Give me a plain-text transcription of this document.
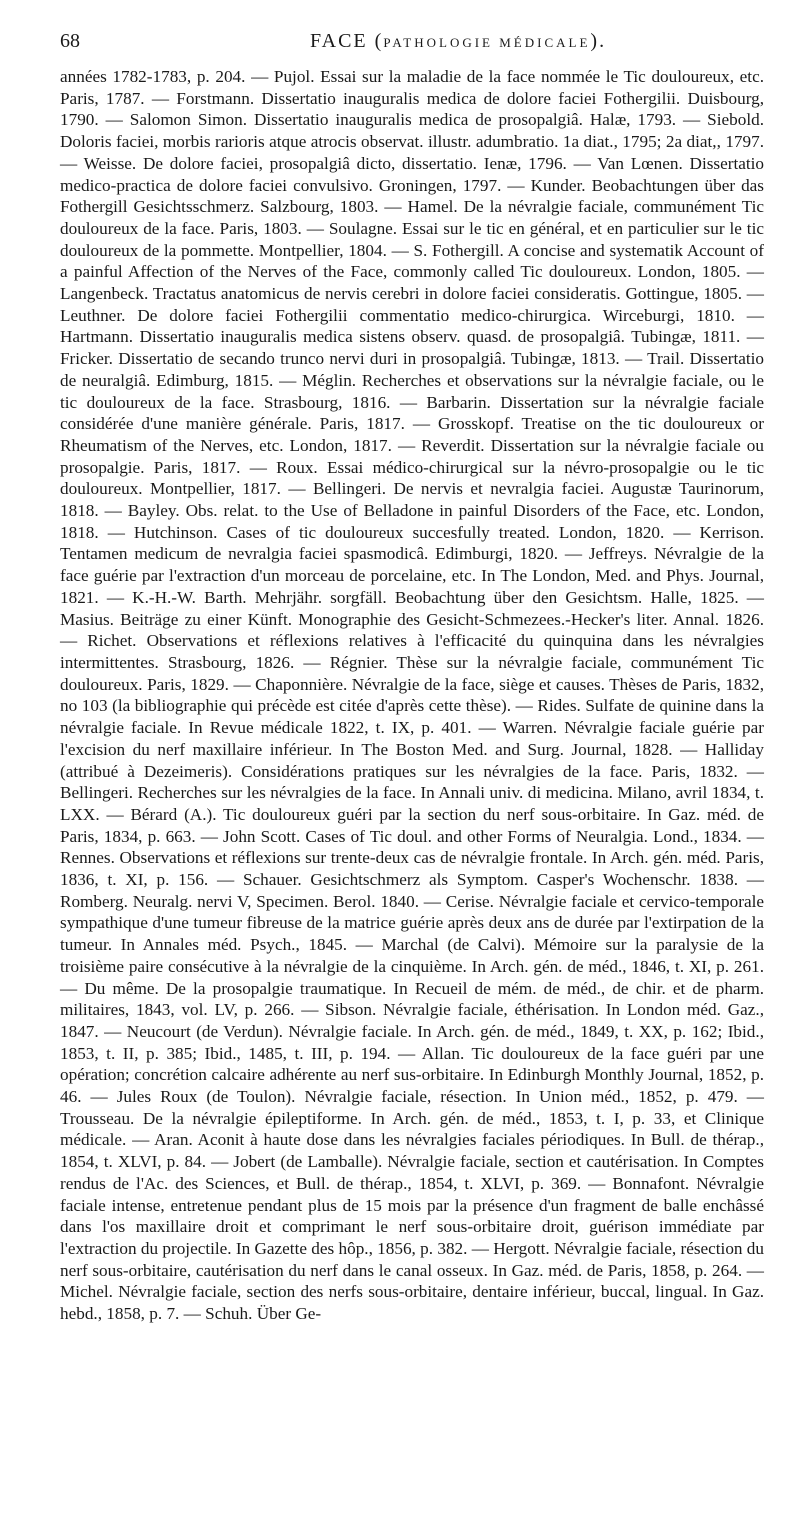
68	FACE (PATHOLOGIE MÉDICALE).

années 1782-1783, p. 204. — Pujol. Essai sur la maladie de la face nommée le Tic douloureux, etc. Paris, 1787. — Forstmann. Dissertatio inauguralis medica de dolore faciei Fothergilii. Duisbourg, 1790. — Salomon Simon. Dissertatio inauguralis medica de prosopalgiâ. Halæ, 1793. — Siebold. Doloris faciei, morbis rarioris atque atrocis observat. illustr. adumbratio. 1a diat., 1795; 2a diat,, 1797. — Weisse. De dolore faciei, prosopalgiâ dicto, dissertatio. Ienæ, 1796. — Van Lœnen. Dissertatio medico-practica de dolore faciei convulsivo. Groningen, 1797. — Kunder. Beobachtungen über das Fothergill Gesichtsschmerz. Salzbourg, 1803. — Hamel. De la névralgie faciale, communément Tic douloureux de la face. Paris, 1803. — Soulagne. Essai sur le tic en général, et en particulier sur le tic douloureux de la pommette. Montpellier, 1804. — S. Fothergill. A concise and systematik Account of a painful Affection of the Nerves of the Face, commonly called Tic douloureux. London, 1805. — Langenbeck. Tractatus anatomicus de nervis cerebri in dolore faciei consideratis. Gottingue, 1805. — Leuthner. De dolore faciei Fothergilii commentatio medico-chirurgica. Wirceburgi, 1810. — Hartmann. Dissertatio inauguralis medica sistens observ. quasd. de prosopalgiâ. Tubingæ, 1811. — Fricker. Dissertatio de secando trunco nervi duri in prosopalgiâ. Tubingæ, 1813. — Trail. Dissertatio de neuralgiâ. Edimburg, 1815. — Méglin. Recherches et observations sur la névralgie faciale, ou le tic douloureux de la face. Strasbourg, 1816. — Barbarin. Dissertation sur la névralgie faciale considérée d'une manière générale. Paris, 1817. — Grosskopf. Treatise on the tic douloureux or Rheumatism of the Nerves, etc. London, 1817. — Reverdit. Dissertation sur la névralgie faciale ou prosopalgie. Paris, 1817. — Roux. Essai médico-chirurgical sur la névro-prosopalgie ou le tic douloureux. Montpellier, 1817. — Bellingeri. De nervis et nevralgia faciei. Augustæ Taurinorum, 1818. — Bayley. Obs. relat. to the Use of Belladone in painful Disorders of the Face, etc. London, 1818. — Hutchinson. Cases of tic douloureux succesfully treated. London, 1820. — Kerrison. Tentamen medicum de nevralgia faciei spasmodicâ. Edimburgi, 1820. — Jeffreys. Névralgie de la face guérie par l'extraction d'un morceau de porcelaine, etc. In The London, Med. and Phys. Journal, 1821. — K.-H.-W. Barth. Mehrjähr. sorgfäll. Beobachtung über den Gesichtsm. Halle, 1825. — Masius. Beiträge zu einer Künft. Monographie des Gesicht-Schmezees.-Hecker's liter. Annal. 1826. — Richet. Observations et réflexions relatives à l'efficacité du quinquina dans les névralgies intermittentes. Strasbourg, 1826. — Régnier. Thèse sur la névralgie faciale, communément Tic douloureux. Paris, 1829. — Chaponnière. Névralgie de la face, siège et causes. Thèses de Paris, 1832, no 103 (la bibliographie qui précède est citée d'après cette thèse). — Rides. Sulfate de quinine dans la névralgie faciale. In Revue médicale 1822, t. IX, p. 401. — Warren. Névralgie faciale guérie par l'excision du nerf maxillaire inférieur. In The Boston Med. and Surg. Journal, 1828. — Halliday (attribué à Dezeimeris). Considérations pratiques sur les névralgies de la face. Paris, 1832. — Bellingeri. Recherches sur les névralgies de la face. In Annali univ. di medicina. Milano, avril 1834, t. LXX. — Bérard (A.). Tic douloureux guéri par la section du nerf sous-orbitaire. In Gaz. méd. de Paris, 1834, p. 663. — John Scott. Cases of Tic doul. and other Forms of Neuralgia. Lond., 1834. — Rennes. Observations et réflexions sur trente-deux cas de névralgie frontale. In Arch. gén. méd. Paris, 1836, t. XI, p. 156. — Schauer. Gesichtschmerz als Symptom. Casper's Wochenschr. 1838. — Romberg. Neuralg. nervi V, Specimen. Berol. 1840. — Cerise. Névralgie faciale et cervico-temporale sympathique d'une tumeur fibreuse de la matrice guérie après deux ans de durée par l'extirpation de la tumeur. In Annales méd. Psych., 1845. — Marchal (de Calvi). Mémoire sur la paralysie de la troisième paire consécutive à la névralgie de la cinquième. In Arch. gén. de méd., 1846, t. XI, p. 261. — Du même. De la prosopalgie traumatique. In Recueil de mém. de méd., de chir. et de pharm. militaires, 1843, vol. LV, p. 266. — Sibson. Névralgie faciale, éthérisation. In London méd. Gaz., 1847. — Neucourt (de Verdun). Névralgie faciale. In Arch. gén. de méd., 1849, t. XX, p. 162; Ibid., 1853, t. II, p. 385; Ibid., 1485, t. III, p. 194. — Allan. Tic douloureux de la face guéri par une opération; concrétion calcaire adhérente au nerf sus-orbitaire. In Edinburgh Monthly Journal, 1852, p. 46. — Jules Roux (de Toulon). Névralgie faciale, résection. In Union méd., 1852, p. 479. — Trousseau. De la névralgie épileptiforme. In Arch. gén. de méd., 1853, t. I, p. 33, et Clinique médicale. — Aran. Aconit à haute dose dans les névralgies faciales périodiques. In Bull. de thérap., 1854, t. XLVI, p. 84. — Jobert (de Lamballe). Névralgie faciale, section et cautérisation. In Comptes rendus de l'Ac. des Sciences, et Bull. de thérap., 1854, t. XLVI, p. 369. — Bonnafont. Névralgie faciale intense, entretenue pendant plus de 15 mois par la présence d'un fragment de balle enchâssé dans l'os maxillaire droit et comprimant le nerf sous-orbitaire droit, guérison immédiate par l'extraction du projectile. In Gazette des hôp., 1856, p. 382. — Hergott. Névralgie faciale, résection du nerf sous-orbitaire, cautérisation du nerf dans le canal osseux. In Gaz. méd. de Paris, 1858, p. 264. — Michel. Névralgie faciale, section des nerfs sous-orbitaire, dentaire inférieur, buccal, lingual. In Gaz. hebd., 1858, p. 7. — Schuh. Über Ge-
